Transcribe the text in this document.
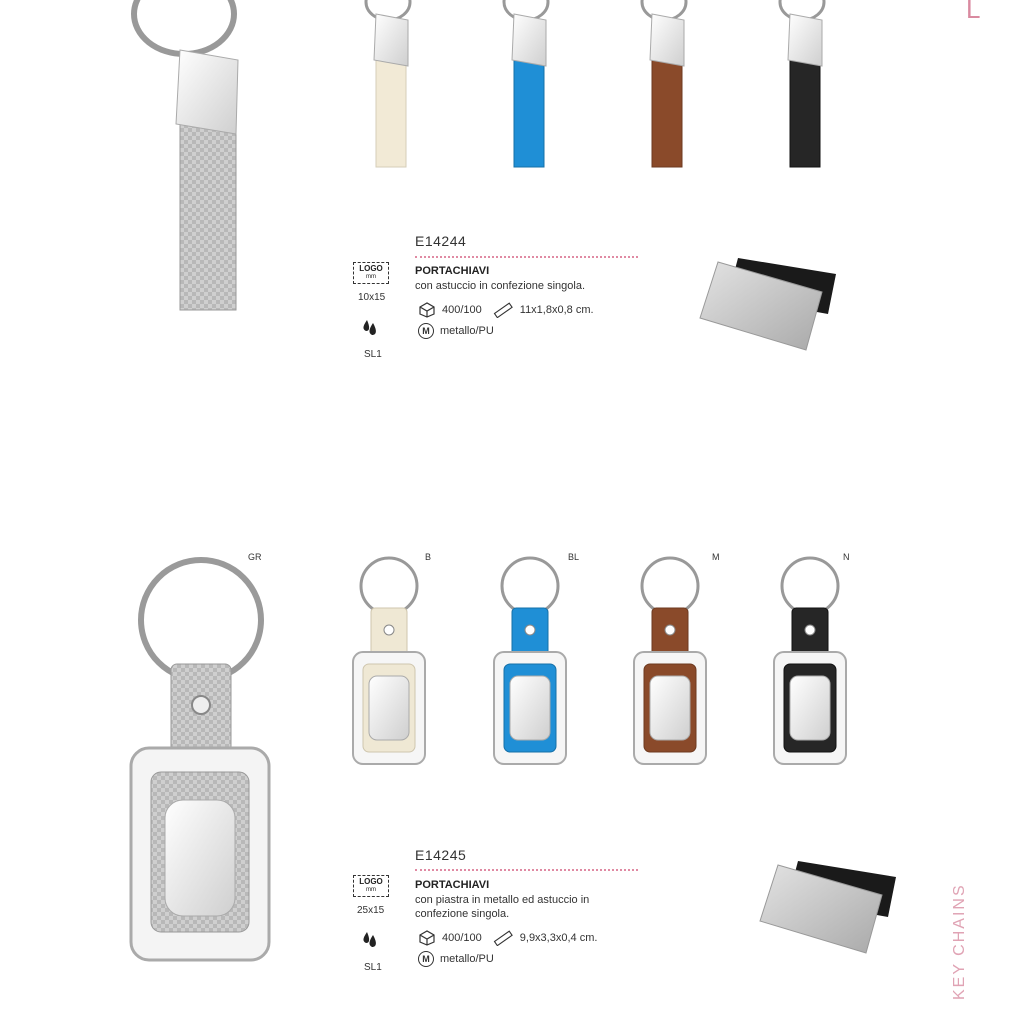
L
KEY CHAINS
E14244
PORTACHIAVI
con astuccio in confezione singola.
400/100	11x1,8x0,8 cm.
M metallo/PU
LOGO
mm
10x15
SL1
GR	B	BL	M	N
E14245
PORTACHIAVI
con piastra in metallo ed astuccio in
confezione singola.
400/100	9,9x3,3x0,4 cm.
M metallo/PU
LOGO
mm
25x15
SL1
